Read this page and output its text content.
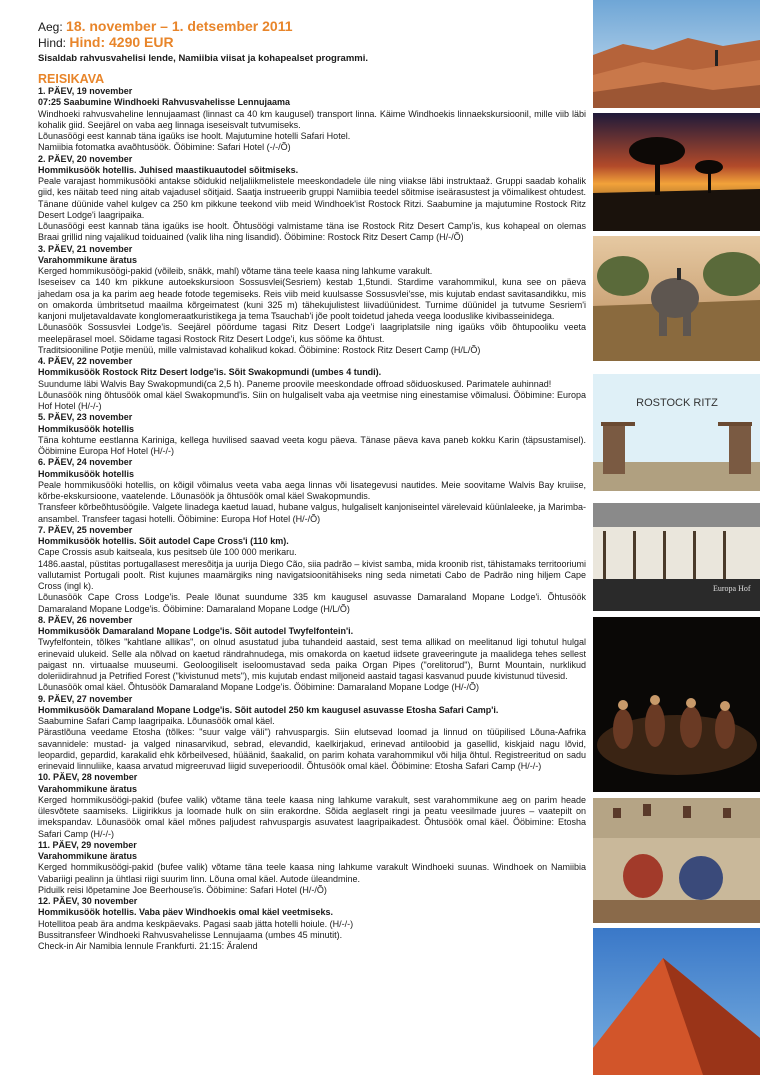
Aeg: 18. november – 1. detsember 2011
Hind: Hind: 4290 EUR
Sisaldab rahvusvahelisi lende, Namiibia viisat ja kohapealset programmi.
REISIKAVA
1. PÄEV, 19 november
07:25 Saabumine Windhoeki Rahvusvahelisse Lennujaama

Windhoeki rahvusvaheline lennujaamast (linnast ca 40 km kaugusel) transport linna. Käime Windhoekis linnaekskursioonil, mille viib läbi kohalik giid. Seejärel on vaba aeg linnaga iseseisvalt tutvumiseks.

Lõunasöögi eest kannab täna igaüks ise hoolt. Majutumine hotelli Safari Hotel.

Namiibia fotomatka avaõhtusöök. Ööbimine: Safari Hotel (-/-/Õ)

2. PÄEV, 20 november
Hommikusöök hotellis. Juhised maastikuautodel sõitmiseks.

Peale varajast hommikusööki antakse sõidukid neljaliikmelistele meeskondadele üle ning viiakse läbi instruktaaž. Gruppi saadab kohalik giid, kes näitab teed ning aitab vajadusel sõitjaid. Saatja instrueerib gruppi Namiibia teedel sõitmise iseärasustest ja võimalikest ohtudest. Tänane düünide vahel kulgev ca 250 km pikkune teekond viib meid Windhoek'ist Rostock Ritzi. Saabumine ja majutumine Rostock Ritz Desert Lodge'i laagripaika.

Lõunasöögi eest kannab täna igaüks ise hoolt. Õhtusöögi valmistame täna ise Rostock Ritz Desert Camp'is, kus kohapeal on olemas Braai grillid ning vajalikud toiduained (valik liha ning lisandid). Ööbimine: Rostock Ritz Desert Camp (H/-/Õ)

3. PÄEV, 21 november
Varahommikune äratus

Kerged hommikusöögi-pakid (võileib, snäkk, mahl) võtame täna teele kaasa ning lahkume varakult.

Iseseisev ca 140 km pikkune autoekskursioon Sossusvlei(Sesriem) kestab 1,5tundi. Stardime varahommikul, kuna see on päeva jahedam osa ja ka parim aeg heade fotode tegemiseks. Reis viib meid kuulsasse Sossusvlei'sse, mis kujutab endast savitasandikku, mis on omakorda ümbritsetud maailma kõrgeimatest (kuni 325 m) tähekujulistest liivadüünidest. Turnime düünidel ja tutvume Sesriem'i kanjoni muljetavaldavate konglomeraatkuristikega ja tema Tsauchab'i jõe poolt toidetud jaheda veega looduslike kivibasseinidega.

Lõunasöök Sossusvlei Lodge'is. Seejärel pöördume tagasi Ritz Desert Lodge'i laagriplatsile ning igaüks võib õhtupooliku veeta meelepärasel moel. Sõidame tagasi Rostock Ritz Desert Lodge'i, kus sööme ka õhtust.

Traditsiooniline Potjie menüü, mille valmistavad kohalikud kokad. Ööbimine: Rostock Ritz Desert Camp (H/L/Õ)

4. PÄEV, 22 november
Hommikusöök Rostock Ritz Desert lodge'is. Sõit Swakopmundi (umbes 4 tundi).

Suundume läbi Walvis Bay Swakopmundi(ca 2,5 h). Paneme proovile meeskondade offroad sõiduoskused. Parimatele auhinnad!

Lõunasöök ning õhtusöök omal käel Swakopmund'is. Siin on hulgaliselt vaba aja veetmise ning einestamise võimalusi. Ööbimine: Europa Hof Hotel (H/-/-)

5. PÄEV, 23 november
Hommikusöök hotellis

Täna kohtume eestlanna Kariniga, kellega huvilised saavad veeta kogu päeva. Tänase päeva kava paneb kokku Karin (täpsustamisel). Ööbimine Europa Hof Hotel (H/-/-)

6. PÄEV, 24 november
Hommikusöök hotellis

Peale hommikusööki hotellis, on kõigil võimalus veeta vaba aega linnas või lisategevusi nautides. Meie soovitame Walvis Bay kruiise, kõrbe-ekskursioone, vaatelende. Lõunasöök ja õhtusöök omal käel Swakopmundis.

Transfeer kõrbeõhtusöögile. Valgete linadega kaetud lauad, hubane valgus, hulgaliselt kanjoniseintel värelevaid küünlaleeke, ja Marimba-ansambel. Transfeer tagasi hotelli. Ööbimine: Europa Hof Hotel (H/-/Õ)

7. PÄEV, 25 november
Hommikusöök hotellis. Sõit autodel Cape Cross'i (110 km).

Cape Crossis asub kaitseala, kus pesitseb üle 100 000 merikaru.

1486.aastal, püstitas portugallasest meresõitja ja uurija Diego Cão, siia padrão – kivist samba, mida kroonib rist, tähistamaks territooriumi vallutamist Portugali poolt. Rist kujunes maamärgiks ning navigatsioonitähiseks ning seda nimetati Cabo de Padrão ning hiljem Cape Cross (ingl k).

Lõunasöök Cape Cross Lodge'is. Peale lõunat suundume 335 km kaugusel asuvasse Damaraland Mopane Lodge'i. Õhtusöök Damaraland Mopane Lodge'is. Ööbimine: Damaraland Mopane Lodge (H/L/Õ)

8. PÄEV, 26 november
Hommikusöök Damaraland Mopane Lodge'is. Sõit autodel Twyfelfontein'i.

Twyfelfontein, tõlkes "kahtlane allikas", on olnud asustatud juba tuhandeid aastaid, sest tema allikad on meelitanud ligi tohutul hulgal erinevaid ulukeid. Selle ala nõlvad on kaetud rändrahnudega, mis omakorda on kaetud iidsete graveeringute ja maalidega tehes sellest paigast nn. virtuaalse muuseumi. Geoloogiliselt iseloomustavad seda paika Organ Pipes ("orelitorud"), Burnt Mountain, nurklikud doleriidirahnud ja Petrified Forest ("kivistunud mets"), mis kujutab endast miljoneid aastaid tagasi kasvanud puude kivistunud tüvesid.

Lõunasöök omal käel. Õhtusöök Damaraland Mopane Lodge'is. Ööbimine: Damaraland Mopane Lodge (H/-/Õ)

9. PÄEV, 27 november
Hommikusöök Damaraland Mopane Lodge'is. Sõit autodel 250 km kaugusel asuvasse Etosha Safari Camp'i.

Saabumine Safari Camp laagripaika. Lõunasöök omal käel.

Pärastlõuna veedame Etosha (tõlkes: "suur valge väli") rahvuspargis. Siin elutsevad loomad ja linnud on tüüpilised Lõuna-Aafrika savannidele: mustad- ja valged ninasarvikud, sebrad, elevandid, kaelkirjakud, erinevad antiloobid ja gasellid, kiskjaid nagu lõvid, leopardid, gepardid, karakalid ehk kõrbeilvesed, hüäänid, šaakalid, on parim kohata varahommikul või hilja õhtul. Registreeritud on sadu erinevaid linnuliike, kaasa arvatud migreeruvad liigid suveperioodil. Õhtusöök omal käel. Ööbimine: Etosha Safari Camp (H/-/-)

10. PÄEV, 28 november
Varahommikune äratus

Kerged hommikusöögi-pakid (bufee valik) võtame täna teele kaasa ning lahkume varakult, sest varahommikune aeg on parim heade ülesvõtete saamiseks. Liigirikkus ja loomade hulk on siin erakordne. Sõida aeglaselt ringi ja peatu veesilmade juures – vaatepilt on imekspandav. Lõunasöök omal käel mõnes paljudest rahvuspargis asuvatest laagripaikadest. Õhtusöök omal käel. Ööbimine: Etosha Safari Camp (H/-/-)

11. PÄEV, 29 november
Varahommikune äratus

Kerged hommikusöögi-pakid (bufee valik) võtame täna teele kaasa ning lahkume varakult Windhoeki suunas. Windhoek on Namiibia Vabariigi pealinn ja ühtlasi riigi suurim linn. Lõuna omal käel. Autode üleandmine.

Piduilk reisi lõpetamine Joe Beerhouse'is. Ööbimine: Safari Hotel (H/-/Õ)

12. PÄEV, 30 november
Hommikusöök hotellis. Vaba päev Windhoekis omal käel veetmiseks.

Hotellitoa peab ära andma keskpäevaks. Pagasi saab jätta hotelli hoiule. (H/-/-)

Bussitransfeer Windhoeki Rahvusvahelisse Lennujaama (umbes 45 minutit).

Check-in Air Namibia lennule Frankfurti. 21:15: Äralend

ROSTOCK RITZ
Europa Hof
